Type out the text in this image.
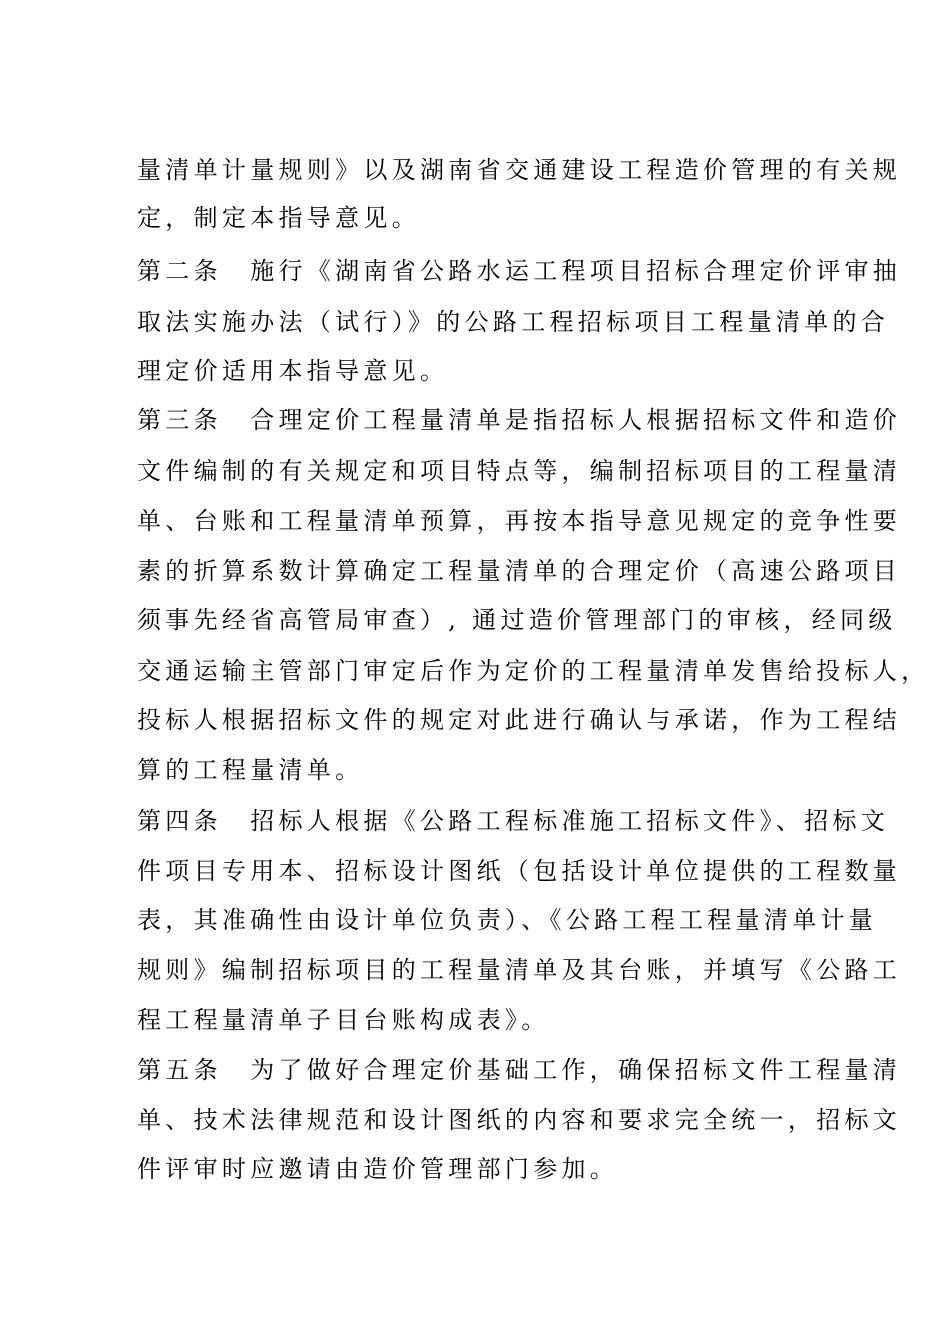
量清单计量规则》以及湖南省交通建设工程造价管理的有关规
定，制定本指导意见。
第二条　施行《湖南省公路水运工程项目招标合理定价评审抽
取法实施办法（试行）》的公路工程招标项目工程量清单的合
理定价适用本指导意见。
第三条　合理定价工程量清单是指招标人根据招标文件和造价
文件编制的有关规定和项目特点等，编制招标项目的工程量清
单、台账和工程量清单预算，再按本指导意见规定的竞争性要
素的折算系数计算确定工程量清单的合理定价（高速公路项目
须事先经省高管局审查）, 通过造价管理部门的审核，经同级
交通运输主管部门审定后作为定价的工程量清单发售给投标人，
投标人根据招标文件的规定对此进行确认与承诺，作为工程结
算的工程量清单。
第四条　招标人根据《公路工程标准施工招标文件》、招标文
件项目专用本、招标设计图纸（包括设计单位提供的工程数量
表，其准确性由设计单位负责）、《公路工程工程量清单计量
规则》编制招标项目的工程量清单及其台账，并填写《公路工
程工程量清单子目台账构成表》。
第五条　为了做好合理定价基础工作，确保招标文件工程量清
单、技术法律规范和设计图纸的内容和要求完全统一，招标文
件评审时应邀请由造价管理部门参加。
